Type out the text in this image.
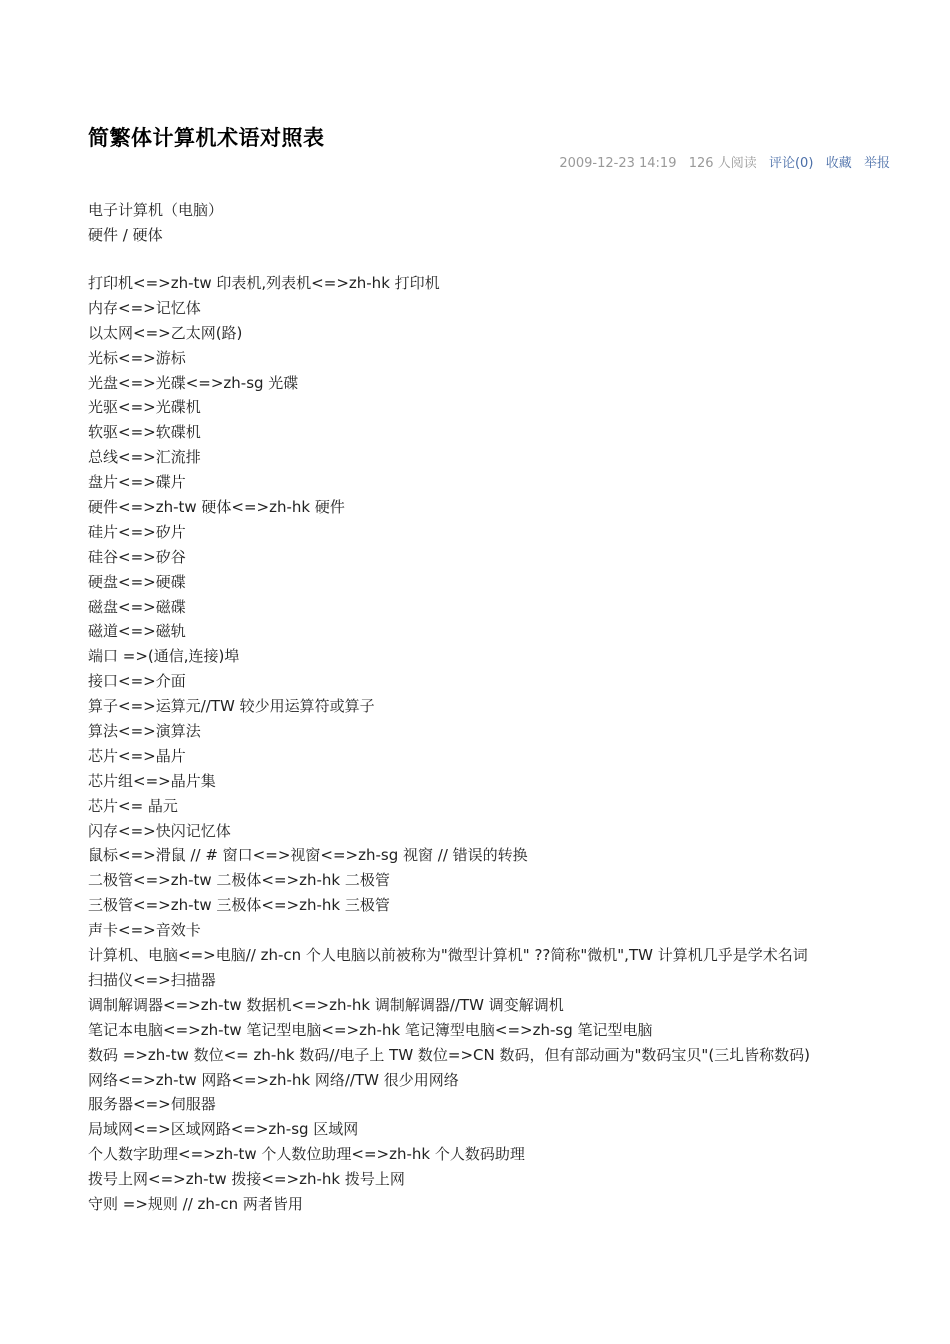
简繁体计算机术语对照表
2009-12-23 14:19 126 人阅读 评论(0) 收藏 举报
电子计算机（电脑）
硬件 / 硬体
打印机<=>zh-tw 印表机,列表机<=>zh-hk 打印机
内存<=>记忆体
以太网<=>乙太网(路)
光标<=>游标
光盘<=>光碟<=>zh-sg 光碟
光驱<=>光碟机
软驱<=>软碟机
总线<=>汇流排
盘片<=>碟片
硬件<=>zh-tw 硬体<=>zh-hk 硬件
硅片<=>矽片
硅谷<=>矽谷
硬盘<=>硬碟
磁盘<=>磁碟
磁道<=>磁轨
端口 =>(通信,连接)埠
接口<=>介面
算子<=>运算元//TW 较少用运算符或算子
算法<=>演算法
芯片<=>晶片
芯片组<=>晶片集
芯片<= 晶元
闪存<=>快闪记忆体
鼠标<=>滑鼠 // # 窗口<=>视窗<=>zh-sg 视窗 // 错误的转换
二极管<=>zh-tw 二极体<=>zh-hk 二极管
三极管<=>zh-tw 三极体<=>zh-hk 三极管
声卡<=>音效卡
计算机、电脑<=>电脑// zh-cn 个人电脑以前被称为"微型计算机" ??简称"微机",TW 计算机几乎是学术名词
扫描仪<=>扫描器
调制解调器<=>zh-tw 数据机<=>zh-hk 调制解调器//TW 调变解调机
笔记本电脑<=>zh-tw 笔记型电脑<=>zh-hk 笔记簿型电脑<=>zh-sg 笔记型电脑
数码 =>zh-tw 数位<= zh-hk 数码//电子上 TW 数位=>CN 数码，但有部动画为"数码宝贝"(三圠皆称数码)
网络<=>zh-tw 网路<=>zh-hk 网络//TW 很少用网络
服务器<=>伺服器
局域网<=>区域网路<=>zh-sg 区域网
个人数字助理<=>zh-tw 个人数位助理<=>zh-hk 个人数码助理
拨号上网<=>zh-tw 拨接<=>zh-hk 拨号上网
守则 =>规则 // zh-cn 两者皆用
